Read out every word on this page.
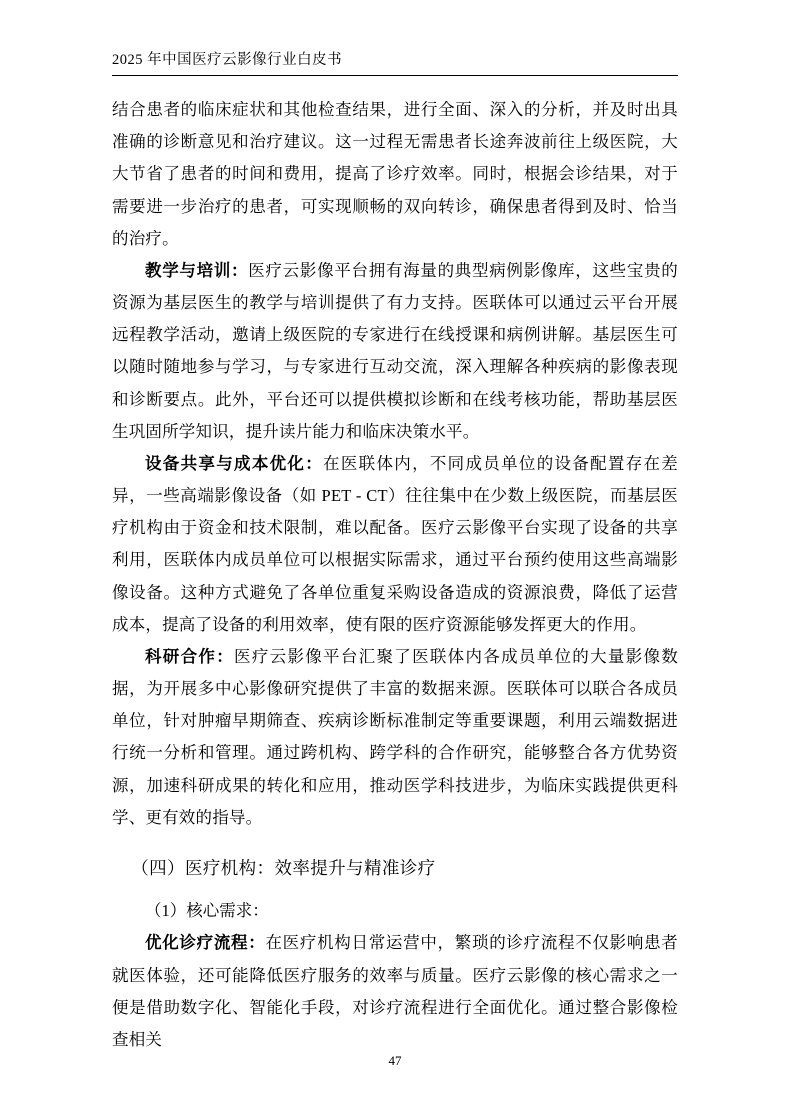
2025 年中国医疗云影像行业白皮书

结合患者的临床症状和其他检查结果，进行全面、深入的分析，并及时出具准确的诊断意见和治疗建议。这一过程无需患者长途奔波前往上级医院，大大节省了患者的时间和费用，提高了诊疗效率。同时，根据会诊结果，对于需要进一步治疗的患者，可实现顺畅的双向转诊，确保患者得到及时、恰当的治疗。

教学与培训：医疗云影像平台拥有海量的典型病例影像库，这些宝贵的资源为基层医生的教学与培训提供了有力支持。医联体可以通过云平台开展远程教学活动，邀请上级医院的专家进行在线授课和病例讲解。基层医生可以随时随地参与学习，与专家进行互动交流，深入理解各种疾病的影像表现和诊断要点。此外，平台还可以提供模拟诊断和在线考核功能，帮助基层医生巩固所学知识，提升读片能力和临床决策水平。

设备共享与成本优化：在医联体内，不同成员单位的设备配置存在差异，一些高端影像设备（如 PET - CT）往往集中在少数上级医院，而基层医疗机构由于资金和技术限制，难以配备。医疗云影像平台实现了设备的共享利用，医联体内成员单位可以根据实际需求，通过平台预约使用这些高端影像设备。这种方式避免了各单位重复采购设备造成的资源浪费，降低了运营成本，提高了设备的利用效率，使有限的医疗资源能够发挥更大的作用。

科研合作：医疗云影像平台汇聚了医联体内各成员单位的大量影像数据，为开展多中心影像研究提供了丰富的数据来源。医联体可以联合各成员单位，针对肿瘤早期筛查、疾病诊断标准制定等重要课题，利用云端数据进行统一分析和管理。通过跨机构、跨学科的合作研究，能够整合各方优势资源，加速科研成果的转化和应用，推动医学科技进步，为临床实践提供更科学、更有效的指导。

（四）医疗机构：效率提升与精准诊疗
（1）核心需求：

优化诊疗流程：在医疗机构日常运营中，繁琐的诊疗流程不仅影响患者就医体验，还可能降低医疗服务的效率与质量。医疗云影像的核心需求之一便是借助数字化、智能化手段，对诊疗流程进行全面优化。通过整合影像检查相关

47
